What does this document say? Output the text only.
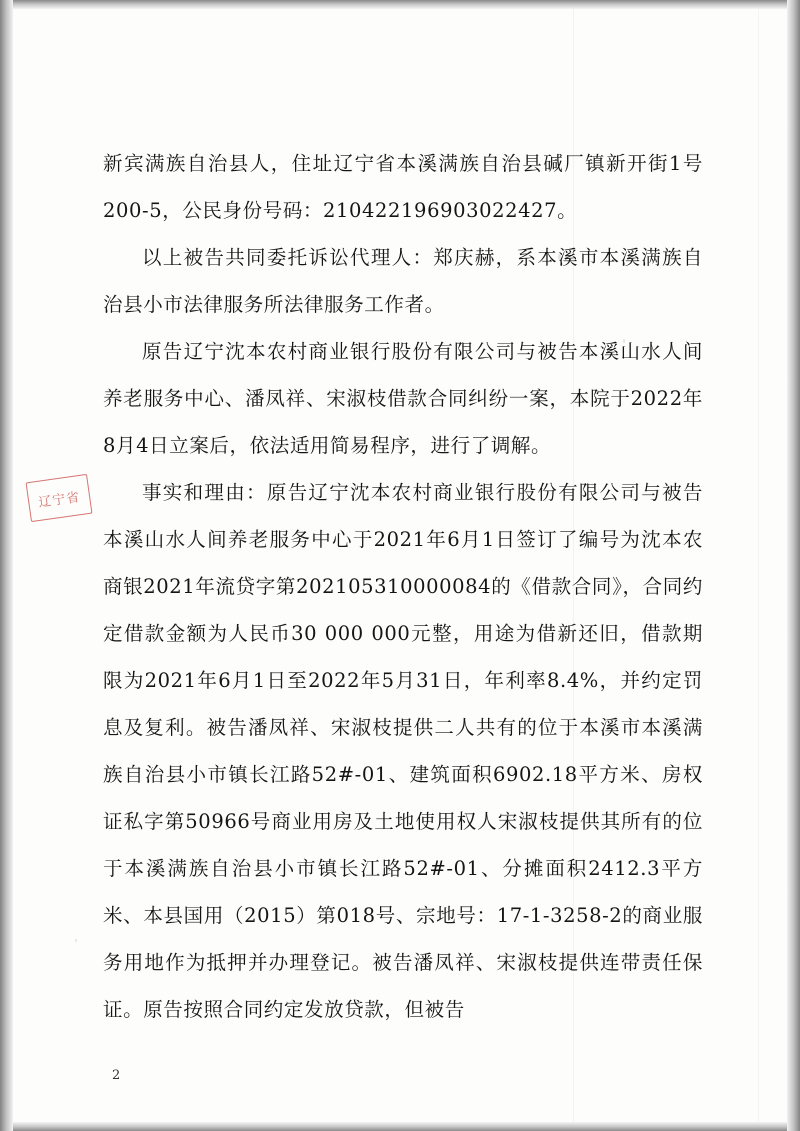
辽宁省

新宾满族自治县人，住址辽宁省本溪满族自治县碱厂镇新开街1号 200-5，公民身份号码：210422196903022427。

以上被告共同委托诉讼代理人：郑庆赫，系本溪市本溪满族自治县小市法律服务所法律服务工作者。

原告辽宁沈本农村商业银行股份有限公司与被告本溪山水人间养老服务中心、潘凤祥、宋淑枝借款合同纠纷一案，本院于2022年8月4日立案后，依法适用简易程序，进行了调解。

事实和理由：原告辽宁沈本农村商业银行股份有限公司与被告本溪山水人间养老服务中心于2021年6月1日签订了编号为沈本农商银2021年流贷字第202105310000084的《借款合同》，合同约定借款金额为人民币30 000 000元整，用途为借新还旧，借款期限为2021年6月1日至2022年5月31日，年利率8.4%，并约定罚息及复利。被告潘凤祥、宋淑枝提供二人共有的位于本溪市本溪满族自治县小市镇长江路52#-01、建筑面积6902.18平方米、房权证私字第50966号商业用房及土地使用权人宋淑枝提供其所有的位于本溪满族自治县小市镇长江路52#-01、分摊面积2412.3平方米、本县国用（2015）第018号、宗地号：17-1-3258-2的商业服务用地作为抵押并办理登记。被告潘凤祥、宋淑枝提供连带责任保证。原告按照合同约定发放贷款，但被告

2
